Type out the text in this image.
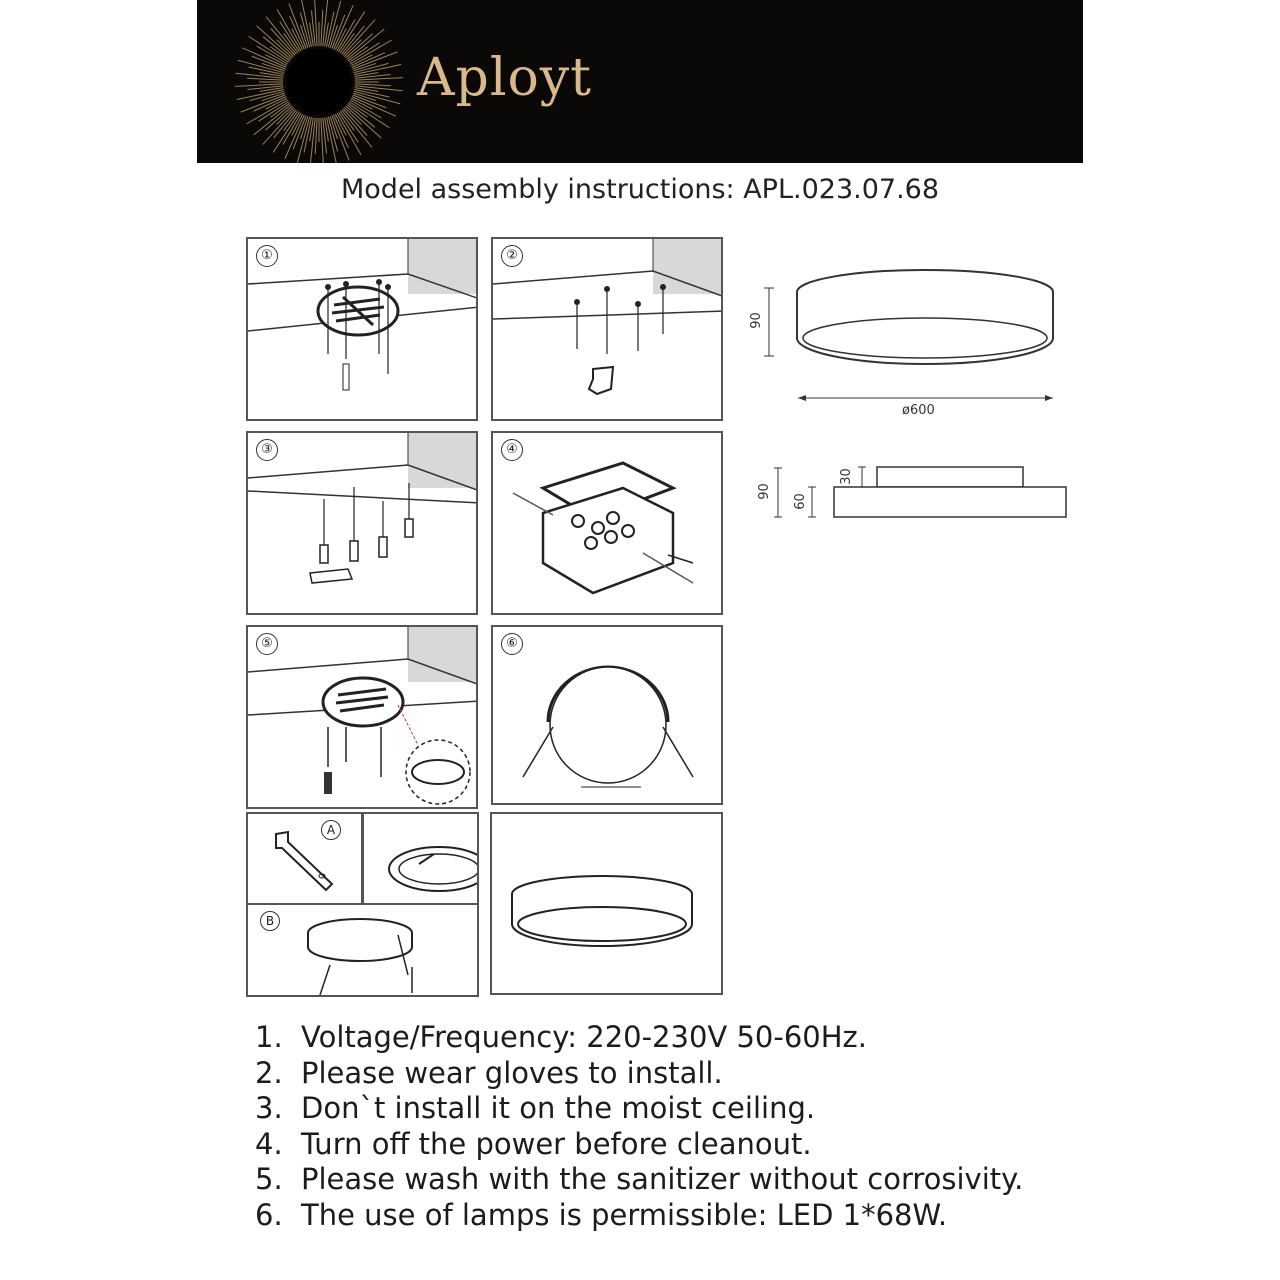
Aployt
Model assembly instructions: APL.023.07.68
①	②
③	④
⑤	⑥
A
B
90
ø600
90
30
60
1. Voltage/Frequency: 220-230V 50-60Hz.
2. Please wear gloves to install.
3. Don`t install it on the moist ceiling.
4. Turn off the power before cleanout.
5. Please wash with the sanitizer without corrosivity.
6. The use of lamps is permissible: LED 1*68W.
